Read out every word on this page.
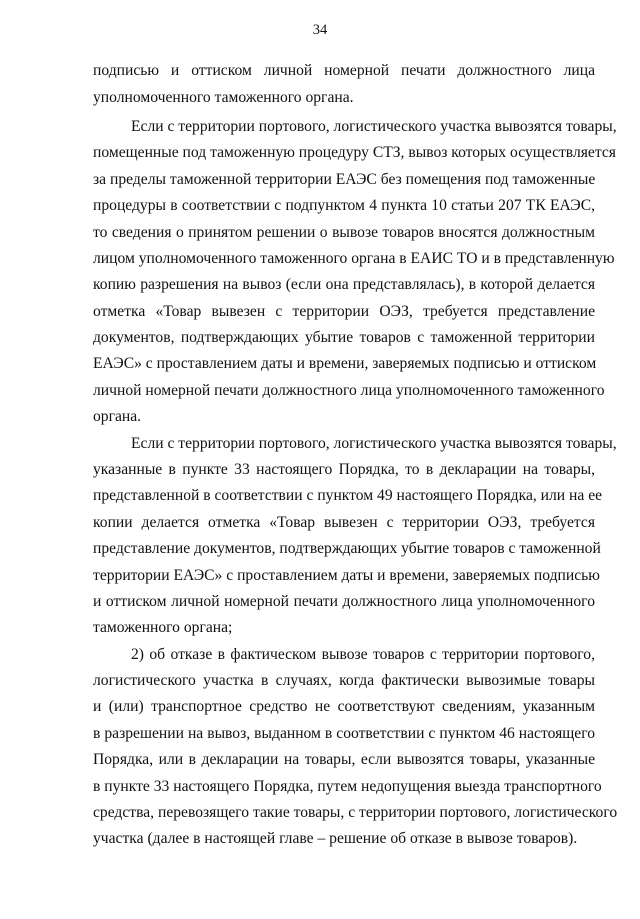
34
подписью и оттиском личной номерной печати должностного лица
уполномоченного таможенного органа.
Если с территории портового, логистического участка вывозятся товары,
помещенные под таможенную процедуру СТЗ, вывоз которых осуществляется
за пределы таможенной территории ЕАЭС без помещения под таможенные
процедуры в соответствии с подпунктом 4 пункта 10 статьи 207 ТК ЕАЭС,
то сведения о принятом решении о вывозе товаров вносятся должностным
лицом уполномоченного таможенного органа в ЕАИС ТО и в представленную
копию разрешения на вывоз (если она представлялась), в которой делается
отметка «Товар вывезен с территории ОЭЗ, требуется представление
документов, подтверждающих убытие товаров с таможенной территории
ЕАЭС» с проставлением даты и времени, заверяемых подписью и оттиском
личной номерной печати должностного лица уполномоченного таможенного
органа.
Если с территории портового, логистического участка вывозятся товары,
указанные в пункте 33 настоящего Порядка, то в декларации на товары,
представленной в соответствии с пунктом 49 настоящего Порядка, или на ее
копии делается отметка «Товар вывезен с территории ОЭЗ, требуется
представление документов, подтверждающих убытие товаров с таможенной
территории ЕАЭС» с проставлением даты и времени, заверяемых подписью
и оттиском личной номерной печати должностного лица уполномоченного
таможенного органа;
2) об отказе в фактическом вывозе товаров с территории портового,
логистического участка в случаях, когда фактически вывозимые товары
и (или) транспортное средство не соответствуют сведениям, указанным
в разрешении на вывоз, выданном в соответствии с пунктом 46 настоящего
Порядка, или в декларации на товары, если вывозятся товары, указанные
в пункте 33 настоящего Порядка, путем недопущения выезда транспортного
средства, перевозящего такие товары, с территории портового, логистического
участка (далее в настоящей главе – решение об отказе в вывозе товаров).
